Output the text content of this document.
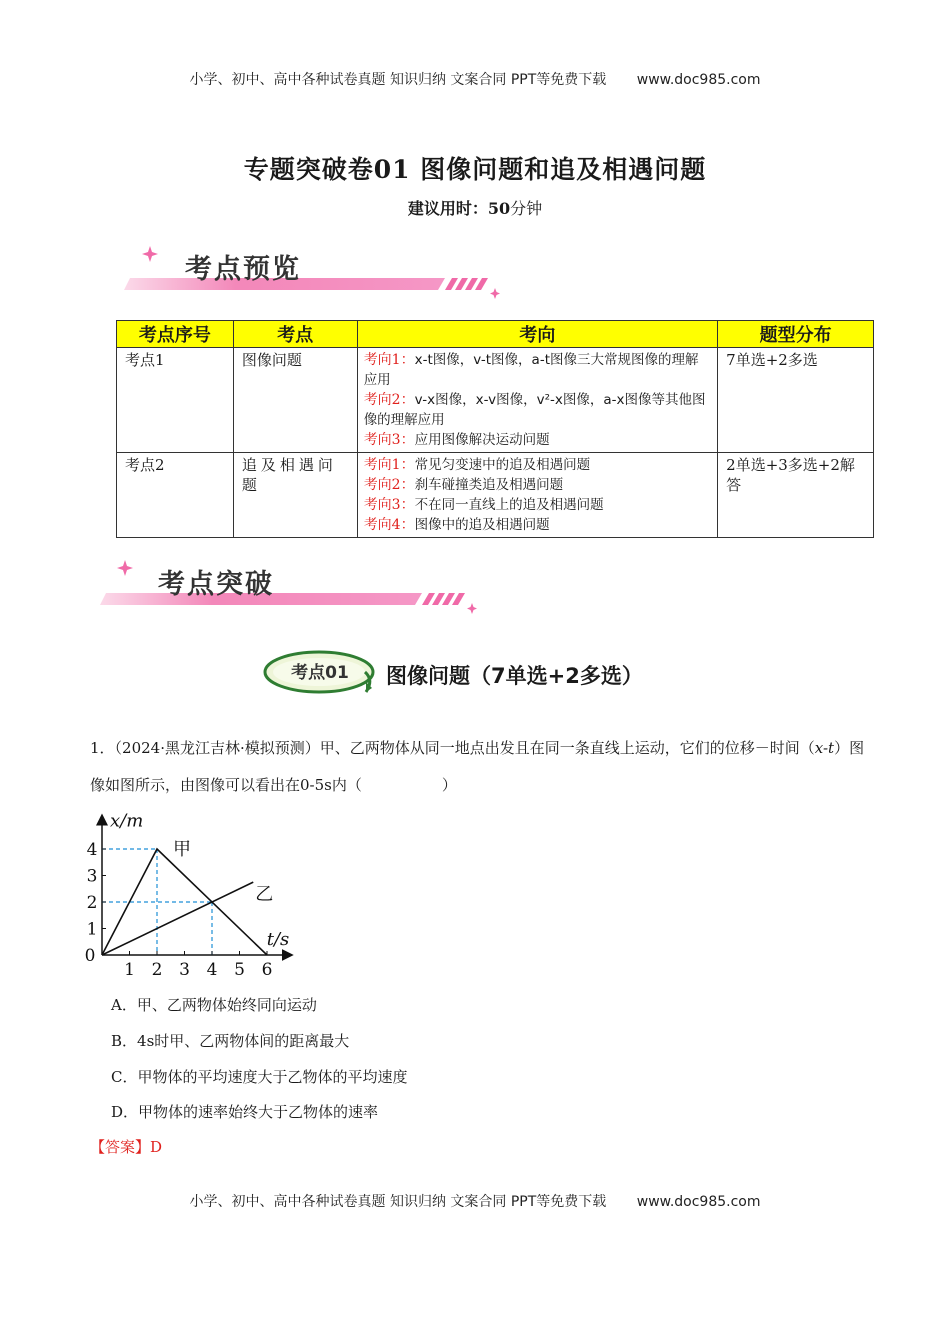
小学、初中、高中各种试卷真题 知识归纳 文案合同 PPT等免费下载 www.doc985.com
专题突破卷01 图像问题和追及相遇问题
建议用时：50分钟
考点预览
考点序号	考点	考向	题型分布
考点1	图像问题	考向1：x-t图像，v-t图像，a-t图像三大常规图像的理解应用
考向2：v-x图像，x-v图像，v²-x图像，a-x图像等其他图像的理解应用
考向3：应用图像解决运动问题	7单选+2多选
考点2	追及相遇问题	考向1：常见匀变速中的追及相遇问题
考向2：刹车碰撞类追及相遇问题
考向3：不在同一直线上的追及相遇问题
考向4：图像中的追及相遇问题	2单选+3多选+2解答
考点突破
考点01 图像问题（7单选+2多选）
1．（2024·黑龙江吉林·模拟预测）甲、乙两物体从同一地点出发且在同一条直线上运动，它们的位移－时间（x-t）图像如图所示，由图像可以看出在0-5s内（	）
0
1 2 3 4 5 6
1
2
3
4	甲
乙
t/s
x/m
A．甲、乙两物体始终同向运动
B．4s时甲、乙两物体间的距离最大
C．甲物体的平均速度大于乙物体的平均速度
D．甲物体的速率始终大于乙物体的速率
【答案】D
小学、初中、高中各种试卷真题 知识归纳 文案合同 PPT等免费下载 www.doc985.com
